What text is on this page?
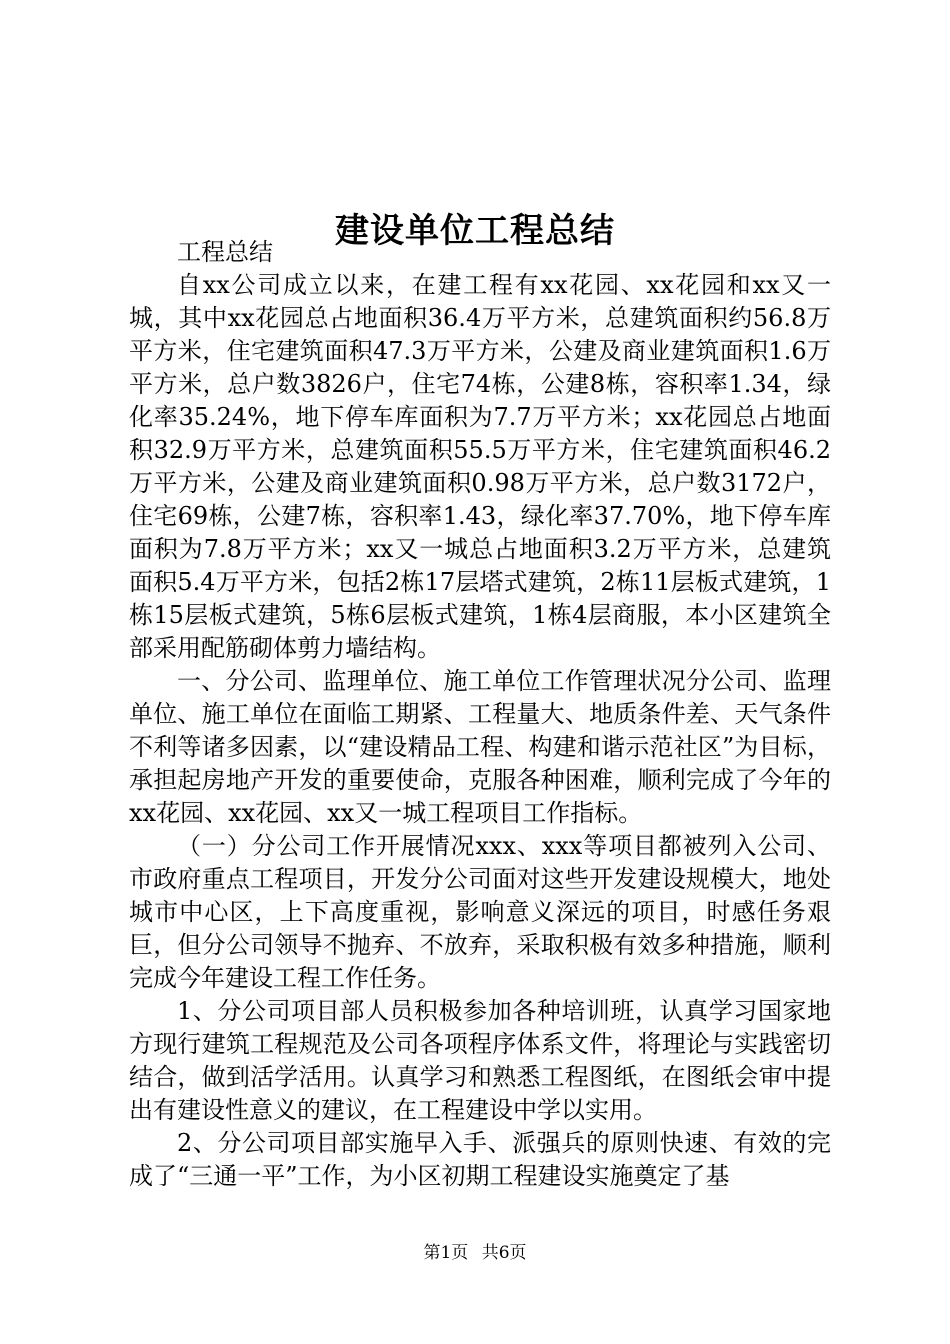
建设单位工程总结

工程总结

自xx公司成立以来，在建工程有xx花园、xx花园和xx又一城，其中xx花园总占地面积36.4万平方米，总建筑面积约56.8万平方米，住宅建筑面积47.3万平方米，公建及商业建筑面积1.6万平方米，总户数3826户，住宅74栋，公建8栋，容积率1.34，绿化率35.24%，地下停车库面积为7.7万平方米；xx花园总占地面积32.9万平方米，总建筑面积55.5万平方米，住宅建筑面积46.2万平方米，公建及商业建筑面积0.98万平方米，总户数3172户，住宅69栋，公建7栋，容积率1.43，绿化率37.70%，地下停车库面积为7.8万平方米；xx又一城总占地面积3.2万平方米，总建筑面积5.4万平方米，包括2栋17层塔式建筑，2栋11层板式建筑，1栋15层板式建筑，5栋6层板式建筑，1栋4层商服，本小区建筑全部采用配筋砌体剪力墙结构。

一、分公司、监理单位、施工单位工作管理状况分公司、监理单位、施工单位在面临工期紧、工程量大、地质条件差、天气条件不利等诸多因素，以“建设精品工程、构建和谐示范社区”为目标，承担起房地产开发的重要使命，克服各种困难，顺利完成了今年的xx花园、xx花园、xx又一城工程项目工作指标。

（一）分公司工作开展情况xxx、xxx等项目都被列入公司、市政府重点工程项目，开发分公司面对这些开发建设规模大，地处城市中心区，上下高度重视，影响意义深远的项目，时感任务艰巨，但分公司领导不抛弃、不放弃，采取积极有效多种措施，顺利完成今年建设工程工作任务。

1、分公司项目部人员积极参加各种培训班，认真学习国家地方现行建筑工程规范及公司各项程序体系文件，将理论与实践密切结合，做到活学活用。认真学习和熟悉工程图纸，在图纸会审中提出有建设性意义的建议，在工程建设中学以实用。

2、分公司项目部实施早入手、派强兵的原则快速、有效的完成了“三通一平”工作，为小区初期工程建设实施奠定了基

第1页 共6页
